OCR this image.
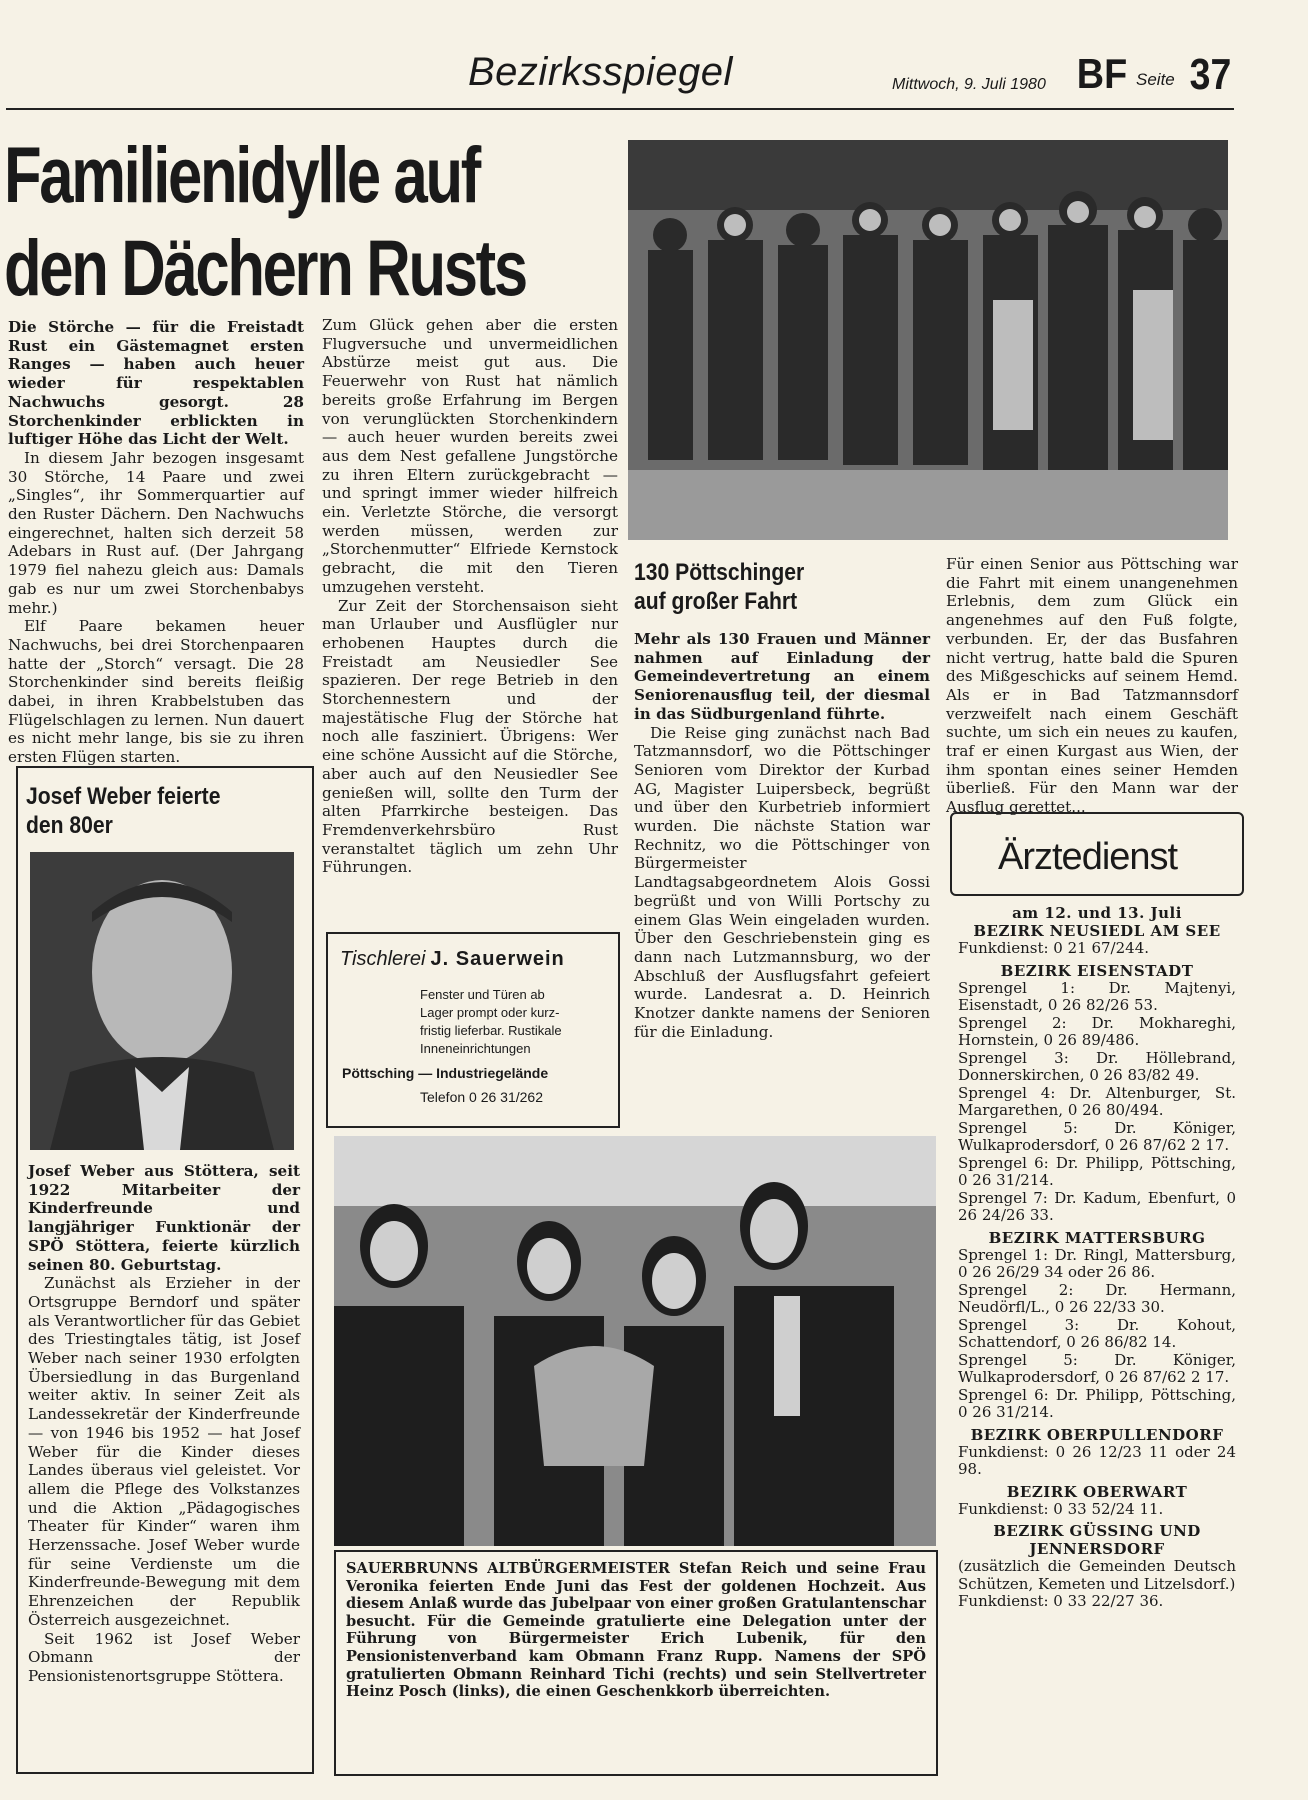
Bezirksspiegel	Mittwoch, 9. Juli 1980 BF Seite 37
Familienidylle auf
den Dächern Rusts

Die Störche — für die Freistadt Rust ein Gästemagnet ersten Ranges — haben auch heuer wieder für respektablen Nachwuchs gesorgt. 28 Storchenkinder erblickten in luftiger Höhe das Licht der Welt.

In diesem Jahr bezogen insgesamt 30 Störche, 14 Paare und zwei „Singles“, ihr Sommerquartier auf den Ruster Dächern. Den Nachwuchs eingerechnet, halten sich derzeit 58 Adebars in Rust auf. (Der Jahrgang 1979 fiel nahezu gleich aus: Damals gab es nur um zwei Storchenbabys mehr.)

Elf Paare bekamen heuer Nachwuchs, bei drei Storchenpaaren hatte der „Storch“ versagt. Die 28 Storchenkinder sind bereits fleißig dabei, in ihren Krabbelstuben das Flügelschlagen zu lernen. Nun dauert es nicht mehr lange, bis sie zu ihren ersten Flügen starten.

Zum Glück gehen aber die ersten Flugversuche und unvermeidlichen Abstürze meist gut aus. Die Feuerwehr von Rust hat nämlich bereits große Erfahrung im Bergen von verunglückten Storchenkindern — auch heuer wurden bereits zwei aus dem Nest gefallene Jungstörche zu ihren Eltern zurückgebracht — und springt immer wieder hilfreich ein. Verletzte Störche, die versorgt werden müssen, werden zur „Storchenmutter“ Elfriede Kernstock gebracht, die mit den Tieren umzugehen versteht.

Zur Zeit der Storchensaison sieht man Urlauber und Ausflügler nur erhobenen Hauptes durch die Freistadt am Neusiedler See spazieren. Der rege Betrieb in den Storchennestern und der majestätische Flug der Störche hat noch alle fasziniert. Übrigens: Wer eine schöne Aussicht auf die Störche, aber auch auf den Neusiedler See genießen will, sollte den Turm der alten Pfarrkirche besteigen. Das Fremdenverkehrsbüro Rust veranstaltet täglich um zehn Uhr Führungen.

Josef Weber feierte den 80er

Josef Weber aus Stöttera, seit 1922 Mitarbeiter der Kinderfreunde und langjähriger Funktionär der SPÖ Stöttera, feierte kürzlich seinen 80. Geburtstag.

Zunächst als Erzieher in der Ortsgruppe Berndorf und später als Verantwortlicher für das Gebiet des Triestingtales tätig, ist Josef Weber nach seiner 1930 erfolgten Übersiedlung in das Burgenland weiter aktiv. In seiner Zeit als Landessekretär der Kinderfreunde — von 1946 bis 1952 — hat Josef Weber für die Kinder dieses Landes überaus viel geleistet. Vor allem die Pflege des Volkstanzes und die Aktion „Pädagogisches Theater für Kinder“ waren ihm Herzenssache. Josef Weber wurde für seine Verdienste um die Kinderfreunde-Bewegung mit dem Ehrenzeichen der Republik Österreich ausgezeichnet.

Seit 1962 ist Josef Weber Obmann der Pensionistenortsgruppe Stöttera.

Tischlerei J. Sauerwein
Fenster und Türen ab
Lager prompt oder kurz-
fristig lieferbar. Rustikale
Inneneinrichtungen
Pöttsching — Industriegelände
Telefon 0 26 31/262
130 Pöttschinger auf großer Fahrt

Mehr als 130 Frauen und Männer nahmen auf Einladung der Gemeindevertretung an einem Seniorenausflug teil, der diesmal in das Südburgenland führte.

Die Reise ging zunächst nach Bad Tatzmannsdorf, wo die Pöttschinger Senioren vom Direktor der Kurbad AG, Magister Luipersbeck, begrüßt und über den Kurbetrieb informiert wurden. Die nächste Station war Rechnitz, wo die Pöttschinger von Bürgermeister Landtagsabgeordnetem Alois Gossi begrüßt und von Willi Portschy zu einem Glas Wein eingeladen wurden. Über den Geschriebenstein ging es dann nach Lutzmannsburg, wo der Abschluß der Ausflugsfahrt gefeiert wurde. Landesrat a. D. Heinrich Knotzer dankte namens der Senioren für die Einladung.

Für einen Senior aus Pöttsching war die Fahrt mit einem unangenehmen Erlebnis, dem zum Glück ein angenehmes auf den Fuß folgte, verbunden. Er, der das Busfahren nicht vertrug, hatte bald die Spuren des Mißgeschicks auf seinem Hemd. Als er in Bad Tatzmannsdorf verzweifelt nach einem Geschäft suchte, um sich ein neues zu kaufen, traf er einen Kurgast aus Wien, der ihm spontan eines seiner Hemden überließ. Für den Mann war der Ausflug gerettet...

SAUERBRUNNS ALTBÜRGERMEISTER Stefan Reich und seine Frau Veronika feierten Ende Juni das Fest der goldenen Hochzeit. Aus diesem Anlaß wurde das Jubelpaar von einer großen Gratulantenschar besucht. Für die Gemeinde gratulierte eine Delegation unter der Führung von Bürgermeister Erich Lubenik, für den Pensionistenverband kam Obmann Franz Rupp. Namens der SPÖ gratulierten Obmann Reinhard Tichi (rechts) und sein Stellvertreter Heinz Posch (links), die einen Geschenkkorb überreichten.

Ärztedienst
am 12. und 13. Juli
BEZIRK NEUSIEDL AM SEE

Funkdienst: 0 21 67/244.

BEZIRK EISENSTADT

Sprengel 1: Dr. Majtenyi, Eisenstadt, 0 26 82/26 53.

Sprengel 2: Dr. Mokhareghi, Hornstein, 0 26 89/486.

Sprengel 3: Dr. Höllebrand, Donnerskirchen, 0 26 83/82 49.

Sprengel 4: Dr. Altenburger, St. Margarethen, 0 26 80/494.

Sprengel 5: Dr. Königer, Wulkaprodersdorf, 0 26 87/62 2 17.

Sprengel 6: Dr. Philipp, Pöttsching, 0 26 31/214.

Sprengel 7: Dr. Kadum, Ebenfurt, 0 26 24/26 33.

BEZIRK MATTERSBURG

Sprengel 1: Dr. Ringl, Mattersburg, 0 26 26/29 34 oder 26 86.

Sprengel 2: Dr. Hermann, Neudörfl/L., 0 26 22/33 30.

Sprengel 3: Dr. Kohout, Schattendorf, 0 26 86/82 14.

Sprengel 5: Dr. Königer, Wulkaprodersdorf, 0 26 87/62 2 17.

Sprengel 6: Dr. Philipp, Pöttsching, 0 26 31/214.

BEZIRK OBERPULLENDORF

Funkdienst: 0 26 12/23 11 oder 24 98.

BEZIRK OBERWART

Funkdienst: 0 33 52/24 11.

BEZIRK GÜSSING UND JENNERSDORF

(zusätzlich die Gemeinden Deutsch Schützen, Kemeten und Litzelsdorf.)

Funkdienst: 0 33 22/27 36.
